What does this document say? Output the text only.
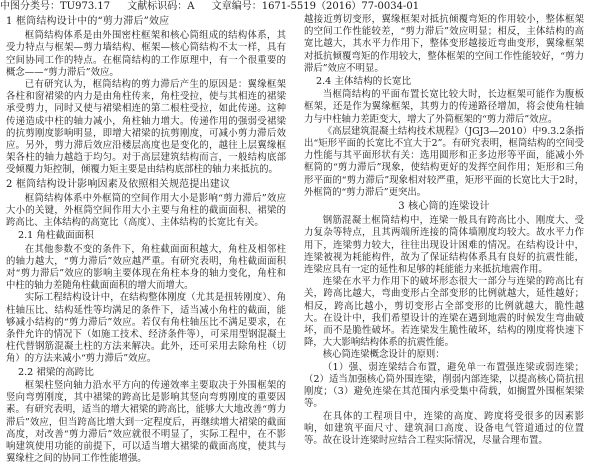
中图分类号：TU973.17 文献标识码：A 文章编号：1671-5519（2016）77-0034-01
1 框筒结构设计中的“剪力滞后”效应
框筒结构体系是由外围密柱框架和核心筒组成的结构体系，其受力特点与框架—剪力墙结构、框架—核心筒结构不太一样，具有空间协同工作的特点。在框筒结构的工作原理中，有一个很重要的概念——“剪力滞后”效应。
已有研究认为，框筒结构的剪力滞后产生的原因是：翼缘框架各柱和窗裙梁的内力是由角柱传来，角柱受拉，使与其相连的裙梁承受剪力，同时又使与裙梁相连的第二根柱受拉，如此传递。这种传递造成中柱的轴力减小，角柱轴力增大。传递作用的强弱受裙梁的抗剪刚度影响明显，即增大裙梁的抗剪刚度，可减小剪力滞后效应。另外，剪力滞后效应沿楼层高度也是变化的，越往上层翼缘框架各柱的轴力越趋于均匀。对于高层建筑结构而言，一般结构底部受倾覆力矩控制，倾覆力矩主要是由结构底部柱的轴力来抵抗的。
2 框筒结构设计影响因素及依照相关规范提出建议
框筒结构体系中外框筒的空间作用大小是影响“剪力滞后”效应大小的关键，外框筒空间作用大小主要与角柱的截面面积、裙梁的跨高比、主体结构的高宽比（高度）、主体结构的长宽比有关。
2.1 角柱截面面积
在其他参数不变的条件下，角柱截面面积越大，角柱及相邻柱的轴力越大，“剪力滞后”效应越严重。有研究表明，角柱截面面积对“剪力滞后”效应的影响主要体现在角柱本身的轴力变化，角柱和中柱的轴力差随角柱截面面积的增大而增大。
实际工程结构设计中，在结构整体刚度（尤其是扭转刚度）、角柱轴压比、结构延性等均满足的条件下，适当减小角柱的截面，能够减小结构的“剪力滞后”效应。若仅有角柱轴压比不满足要求，在条件允许的情况下（如施工技术、经济条件等），可采用型钢混凝土柱代替钢筋混凝土柱的方法来解决。此外，还可采用去除角柱（切角）的方法来减小“剪力滞后”效应。
2.2 裙梁的高跨比
框架柱竖向轴力沿水平方向的传递效率主要取决于外围框架的竖向弯剪刚度，其中裙梁的跨高比是影响其竖向弯剪刚度的重要因素。有研究表明，适当的增大裙梁的跨高比，能够大大地改善“剪力滞后”效应，但当跨高比增大到一定程度后，再继续增大裙梁的截面高度，对改善“剪力滞后”效应就很不明显了，实际工程中，在不影响建筑使用功能的前提下，可以适当增大裙梁的截面高度，使其与翼缘柱之间的协同工作性能增强。
越接近剪切变形，翼缘框架对抵抗倾覆弯矩的作用较小，整体框架的空间工作性能较差，“剪力滞后”效应明显；相反，主体结构的高宽比越大，其水平力作用下，整体变形越接近弯曲变形，翼缘框架对抵抗倾覆弯矩的作用较大，整体框架的空间工作性能较好，“剪力滞后”效应不明显。
2.4 主体结构的长宽比
当框筒结构的平面布置长宽比较大时，长边框架可能作为腹板框架，还是作为翼缘框架，其剪力的传递路径增加，将会使角柱轴力与中柱轴力差距变大，增大了外筒框架的“剪力滞后”效应。
《高层建筑混凝土结构技术规程》（JGJ3—2010）中9.3.2条指出“矩形平面的长宽比不宜大于2”。有研究表明，框筒结构的空间受力性能与其平面形状有关：选用圆形和正多边形等平面，能减小外框筒的“剪力滞后”现象，使结构更好的发挥空间作用；矩形和三角形平面的“剪力滞后”现象相对较严重，矩形平面的长宽比大于2时，外框筒的“剪力滞后”更突出。
3 核心筒的连梁设计
钢筋混凝土框筒结构中，连梁一般具有跨高比小、刚度大、受力复杂等特点，且其两端所连接的筒体墙刚度均较大。故水平力作用下，连梁剪力较大，往往出现设计困难的情况。在结构设计中，连梁被视为耗能构件，故为了保证结构体系具有良好的抗震性能，连梁应具有一定的延性和足够的耗能能力来抵抗地震作用。
连梁在水平力作用下的破坏形态很大一部分与连梁的跨高比有关，跨高比越大，弯曲变形占全部变形的比例就越大，延性越好；相反，跨高比越小，剪切变形占全部变形的比例就越大，脆性越大。在设计中，我们希望设计的连梁在遇到地震的时候发生弯曲破坏，而不是脆性破坏。若连梁发生脆性破坏，结构的刚度将快速下降，大大影响结构体系的抗震性能。
核心筒连梁概念设计的原则：
（1）强、弱连梁结合布置，避免单一布置强连梁或弱连梁；（2）适当加强核心筒外围连梁，削弱内部连梁，以提高核心筒抗扭刚度；（3）避免连梁在其范围内承受集中荷载，如搁置外围框架梁等。
在具体的工程项目中，连梁的高度、跨度将受很多的因素影响，如建筑平面尺寸、建筑洞口高度、设备电气管道通过的位置等。故在设计连梁时应结合工程实际情况，尽量合理布置。
